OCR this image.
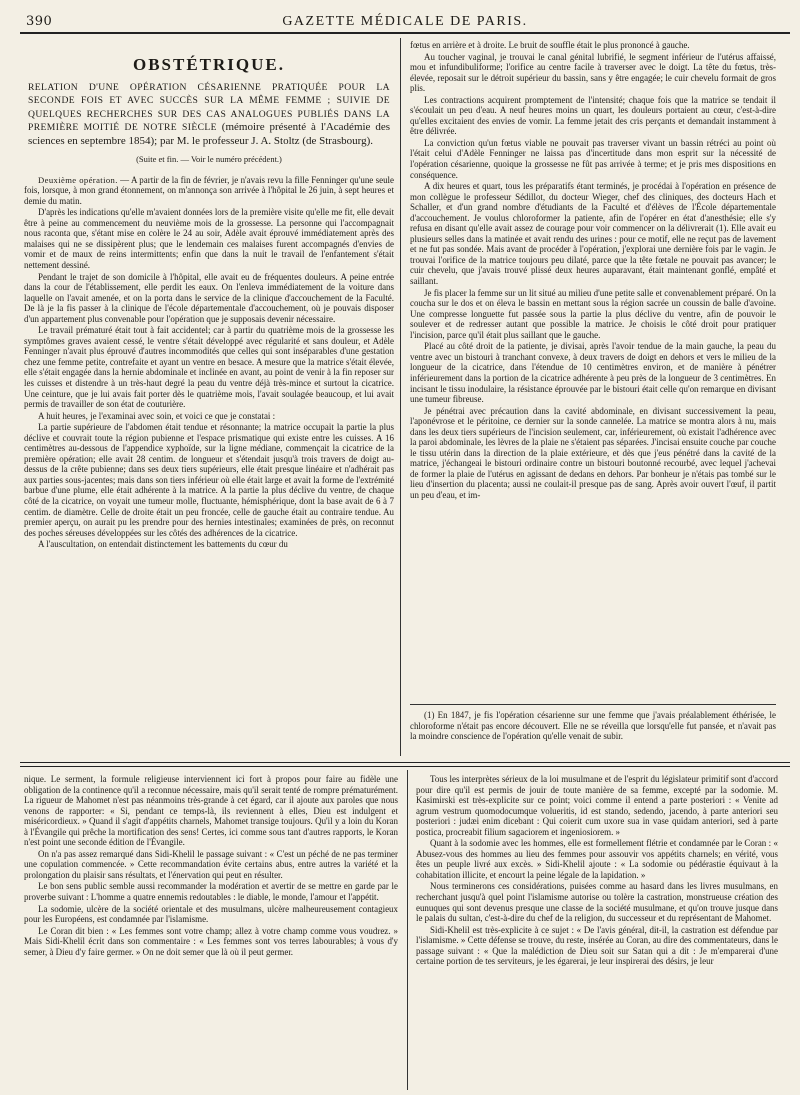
390	GAZETTE MÉDICALE DE PARIS.
OBSTÉTRIQUE.
RELATION D'UNE OPÉRATION CÉSARIENNE PRATIQUÉE POUR LA SECONDE FOIS ET AVEC SUCCÈS SUR LA MÊME FEMME ; SUIVIE DE QUELQUES RECHERCHES SUR DES CAS ANALOGUES PUBLIÉS DANS LA PREMIÈRE MOITIÉ DE NOTRE SIÈCLE (mémoire présenté à l'Académie des sciences en septembre 1854); par M. le professeur J. A. Stoltz (de Strasbourg).
(Suite et fin. — Voir le numéro précédent.)

Deuxième opération. — A partir de la fin de février, je n'avais revu la fille Fenninger qu'une seule fois, lorsque, à mon grand étonnement, on m'annonça son arrivée à l'hôpital le 26 juin, à sept heures et demie du matin.

D'après les indications qu'elle m'avaient données lors de la première visite qu'elle me fit, elle devait être à peine au commencement du neuvième mois de la grossesse. La personne qui l'accompagnait nous raconta que, s'étant mise en colère le 24 au soir, Adèle avait éprouvé immédiatement après des malaises qui ne se dissipèrent plus; que le lendemain ces malaises furent accompagnés d'envies de vomir et de maux de reins intermittents; enfin que dans la nuit le travail de l'enfantement s'était nettement dessiné.

Pendant le trajet de son domicile à l'hôpital, elle avait eu de fréquentes douleurs. A peine entrée dans la cour de l'établissement, elle perdit les eaux. On l'enleva immédiatement de la voiture dans laquelle on l'avait amenée, et on la porta dans le service de la clinique d'accouchement de la Faculté. De là je la fis passer à la clinique de l'école départementale d'accouchement, où je pouvais disposer d'un appartement plus convenable pour l'opération que je supposais devenir nécessaire.

Le travail prématuré était tout à fait accidentel; car à partir du quatrième mois de la grossesse les symptômes graves avaient cessé, le ventre s'était développé avec régularité et sans douleur, et Adèle Fenninger n'avait plus éprouvé d'autres incommodités que celles qui sont inséparables d'une gestation chez une femme petite, contrefaite et ayant un ventre en besace. A mesure que la matrice s'était élevée, elle s'était engagée dans la hernie abdominale et inclinée en avant, au point de venir à la fin reposer sur les cuisses et distendre à un très-haut degré la peau du ventre déjà très-mince et surtout la cicatrice. Une ceinture, que je lui avais fait porter dès le quatrième mois, l'avait soulagée beaucoup, et lui avait permis de travailler de son état de couturière.

A huit heures, je l'examinai avec soin, et voici ce que je constatai :

La partie supérieure de l'abdomen était tendue et résonnante; la matrice occupait la partie la plus déclive et couvrait toute la région pubienne et l'espace prismatique qui existe entre les cuisses. A 16 centimètres au-dessous de l'appendice xyphoïde, sur la ligne médiane, commençait la cicatrice de la première opération; elle avait 28 centim. de longueur et s'étendait jusqu'à trois travers de doigt au-dessus de la crête pubienne; dans ses deux tiers supérieurs, elle était presque linéaire et n'adhérait pas aux parties sous-jacentes; mais dans son tiers inférieur où elle était large et avait la forme de l'extrémité barbue d'une plume, elle était adhérente à la matrice. A la partie la plus déclive du ventre, de chaque côté de la cicatrice, on voyait une tumeur molle, fluctuante, hémisphérique, dont la base avait de 6 à 7 centim. de diamètre. Celle de droite était un peu froncée, celle de gauche était au contraire tendue. Au premier aperçu, on aurait pu les prendre pour des hernies intestinales; examinées de près, on reconnut des poches séreuses développées sur les côtés des adhérences de la cicatrice.

A l'auscultation, on entendait distinctement les battements du cœur du

fœtus en arrière et à droite. Le bruit de souffle était le plus prononcé à gauche.

Au toucher vaginal, je trouvai le canal génital lubrifié, le segment inférieur de l'utérus affaissé, mou et infundibuliforme; l'orifice au centre facile à traverser avec le doigt. La tête du fœtus, très-élevée, reposait sur le détroit supérieur du bassin, sans y être engagée; le cuir chevelu formait de gros plis.

Les contractions acquirent promptement de l'intensité; chaque fois que la matrice se tendait il s'écoulait un peu d'eau. A neuf heures moins un quart, les douleurs portaient au cœur, c'est-à-dire qu'elles excitaient des envies de vomir. La femme jetait des cris perçants et demandait instamment à être délivrée.

La conviction qu'un fœtus viable ne pouvait pas traverser vivant un bassin rétréci au point où l'était celui d'Adèle Fenninger ne laissa pas d'incertitude dans mon esprit sur la nécessité de l'opération césarienne, quoique la grossesse ne fût pas arrivée à terme; et je pris mes dispositions en conséquence.

A dix heures et quart, tous les préparatifs étant terminés, je procédai à l'opération en présence de mon collègue le professeur Sédillot, du docteur Wieger, chef des cliniques, des docteurs Hach et Schaller, et d'un grand nombre d'étudiants de la Faculté et d'élèves de l'École départementale d'accouchement. Je voulus chloroformer la patiente, afin de l'opérer en état d'anesthésie; elle s'y refusa en disant qu'elle avait assez de courage pour voir commencer on la délivrerait (1). Elle avait eu plusieurs selles dans la matinée et avait rendu des urines : pour ce motif, elle ne reçut pas de lavement et ne fut pas sondée. Mais avant de procéder à l'opération, j'explorai une dernière fois par le vagin. Je trouvai l'orifice de la matrice toujours peu dilaté, parce que la tête fœtale ne pouvait pas avancer; le cuir chevelu, que j'avais trouvé plissé deux heures auparavant, était maintenant gonflé, empâté et saillant.

Je fis placer la femme sur un lit situé au milieu d'une petite salle et convenablement préparé. On la coucha sur le dos et on éleva le bassin en mettant sous la région sacrée un coussin de balle d'avoine. Une compresse longuette fut passée sous la partie la plus déclive du ventre, afin de pouvoir le soulever et de redresser autant que possible la matrice. Je choisis le côté droit pour pratiquer l'incision, parce qu'il était plus saillant que le gauche.

Placé au côté droit de la patiente, je divisai, après l'avoir tendue de la main gauche, la peau du ventre avec un bistouri à tranchant convexe, à deux travers de doigt en dehors et vers le milieu de la longueur de la cicatrice, dans l'étendue de 10 centimètres environ, et de manière à pénétrer inférieurement dans la portion de la cicatrice adhérente à peu près de la longueur de 3 centimètres. En incisant le tissu inodulaire, la résistance éprouvée par le bistouri était celle qu'on remarque en divisant une tumeur fibreuse.

Je pénétrai avec précaution dans la cavité abdominale, en divisant successivement la peau, l'aponévrose et le péritoine, ce dernier sur la sonde cannelée. La matrice se montra alors à nu, mais dans les deux tiers supérieurs de l'incision seulement, car, inférieurement, où existait l'adhérence avec la paroi abdominale, les lèvres de la plaie ne s'étaient pas séparées. J'incisai ensuite couche par couche le tissu utérin dans la direction de la plaie extérieure, et dès que j'eus pénétré dans la cavité de la matrice, j'échangeai le bistouri ordinaire contre un bistouri boutonné recourbé, avec lequel j'achevai de former la plaie de l'utérus en agissant de dedans en dehors. Par bonheur je n'étais pas tombé sur le lieu d'insertion du placenta; aussi ne coulait-il presque pas de sang. Après avoir ouvert l'œuf, il partit un peu d'eau, et im-

(1) En 1847, je fis l'opération césarienne sur une femme que j'avais préalablement éthérisée, le chloroforme n'était pas encore découvert. Elle ne se réveilla que lorsqu'elle fut pansée, et n'avait pas la moindre conscience de l'opération qu'elle venait de subir.

nique. Le serment, la formule religieuse interviennent ici fort à propos pour faire au fidèle une obligation de la continence qu'il a reconnue nécessaire, mais qu'il serait tenté de rompre prématurément. La rigueur de Mahomet n'est pas néanmoins très-grande à cet égard, car il ajoute aux paroles que nous venons de rapporter: « Si, pendant ce temps-là, ils reviennent à elles, Dieu est indulgent et miséricordieux. » Quand il s'agit d'appétits charnels, Mahomet transige toujours. Qu'il y a loin du Koran à l'Évangile qui prêche la mortification des sens! Certes, ici comme sous tant d'autres rapports, le Koran n'est point une seconde édition de l'Évangile.

On n'a pas assez remarqué dans Sidi-Khelil le passage suivant : « C'est un péché de ne pas terminer une copulation commencée. » Cette recommandation évite certains abus, entre autres la variété et la prolongation du plaisir sans résultats, et l'énervation qui peut en résulter.

Le bon sens public semble aussi recommander la modération et avertir de se mettre en garde par le proverbe suivant : L'homme a quatre ennemis redoutables : le diable, le monde, l'amour et l'appétit.

La sodomie, ulcère de la société orientale et des musulmans, ulcère malheureusement contagieux pour les Européens, est condamnée par l'islamisme.

Le Coran dit bien : « Les femmes sont votre champ; allez à votre champ comme vous voudrez. » Mais Sidi-Khelil écrit dans son commentaire : « Les femmes sont vos terres labourables; à vous d'y semer, à Dieu d'y faire germer. » On ne doit semer que là où il peut germer.

Tous les interprètes sérieux de la loi musulmane et de l'esprit du législateur primitif sont d'accord pour dire qu'il est permis de jouir de toute manière de sa femme, excepté par la sodomie. M. Kasimirski est très-explicite sur ce point; voici comme il entend a parte posteriori : « Venite ad agrum vestrum quomodocumque volueritis, id est stando, sedendo, jacendo, à parte anteriori seu posteriori : judæi enim dicebant : Qui coierit cum uxore sua in vase quidam anteriori, sed à parte postica, procreabit filium sagaciorem et ingeniosiorem. »

Quant à la sodomie avec les hommes, elle est formellement flétrie et condamnée par le Coran : « Abusez-vous des hommes au lieu des femmes pour assouvir vos appétits charnels; en vérité, vous êtes un peuple livré aux excès. » Sidi-Khelil ajoute : « La sodomie ou pédérastie équivaut à la cohabitation illicite, et encourt la peine légale de la lapidation. »

Nous terminerons ces considérations, puisées comme au hasard dans les livres musulmans, en recherchant jusqu'à quel point l'islamisme autorise ou tolère la castration, monstrueuse création des eunuques qui sont devenus presque une classe de la société musulmane, et qu'on trouve jusque dans le palais du sultan, c'est-à-dire du chef de la religion, du successeur et du représentant de Mahomet.

Sidi-Khelil est très-explicite à ce sujet : « De l'avis général, dit-il, la castration est défendue par l'islamisme. » Cette défense se trouve, du reste, insérée au Coran, au dire des commentateurs, dans le passage suivant : « Que la malédiction de Dieu soit sur Satan qui a dit : Je m'emparerai d'une certaine portion de tes serviteurs, je les égarerai, je leur inspirerai des désirs, je leur
